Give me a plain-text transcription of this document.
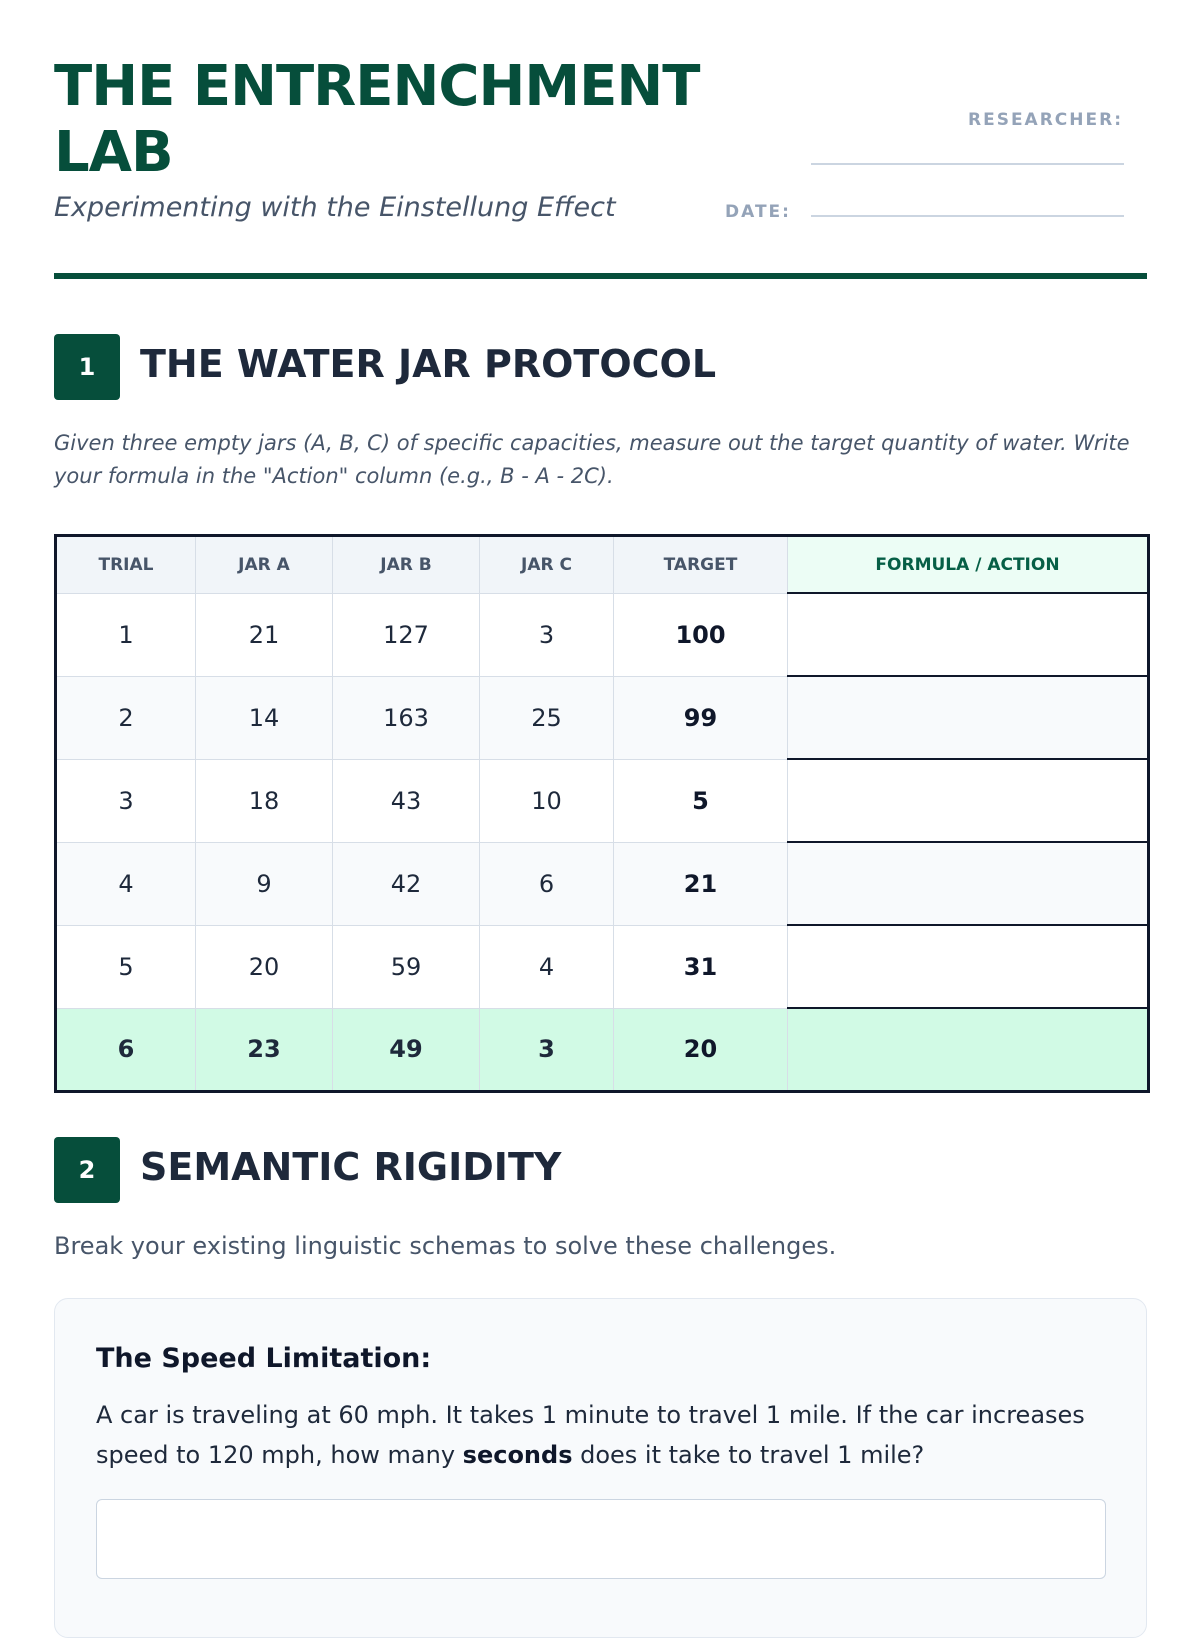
THE ENTRENCHMENT LAB

Experimenting with the Einstellung Effect

RESEARCHER:
DATE:
1	THE WATER JAR PROTOCOL

Given three empty jars (A, B, C) of specific capacities, measure out the target quantity of water. Write your formula in the "Action" column (e.g., B - A - 2C).

TRIAL	JAR A	JAR B	JAR C	TARGET	FORMULA / ACTION
1	21	127	3	100	
2	14	163	25	99	
3	18	43	10	5	
4	9	42	6	21	
5	20	59	4	31	
6	23	49	3	20	
2	SEMANTIC RIGIDITY

Break your existing linguistic schemas to solve these challenges.

The Speed Limitation:

A car is traveling at 60 mph. It takes 1 minute to travel 1 mile. If the car increases speed to 120 mph, how many seconds does it take to travel 1 mile?
